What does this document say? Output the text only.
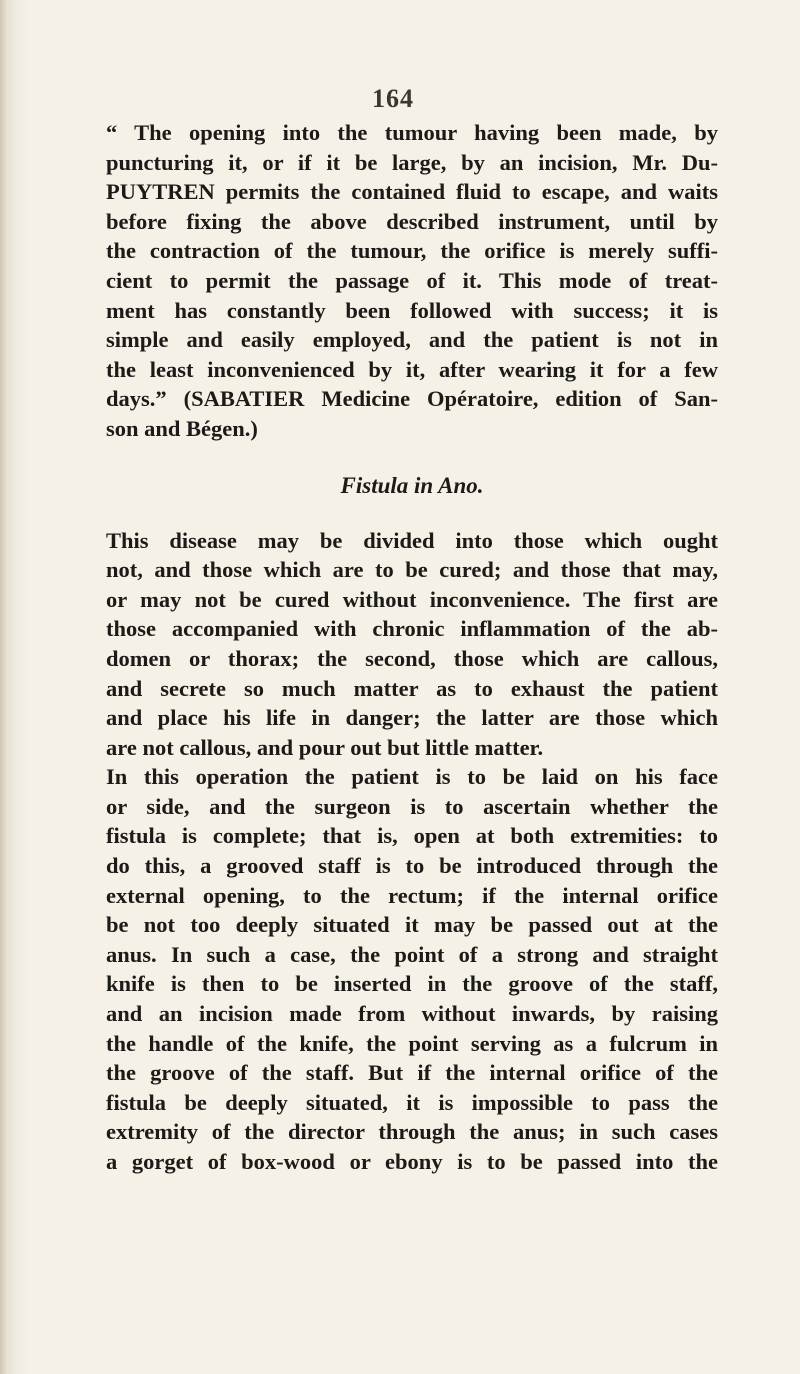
164
“ The opening into the tumour having been made, by
puncturing it, or if it be large, by an incision, Mr. Du-
PUYTREN permits the contained fluid to escape, and waits
before fixing the above described instrument, until by
the contraction of the tumour, the orifice is merely suffi-
cient to permit the passage of it. This mode of treat-
ment has constantly been followed with success; it is
simple and easily employed, and the patient is not in
the least inconvenienced by it, after wearing it for a few
days.” (SABATIER Medicine Opératoire, edition of San-
son and Bégen.)
Fistula in Ano.
This disease may be divided into those which ought
not, and those which are to be cured; and those that may,
or may not be cured without inconvenience. The first are
those accompanied with chronic inflammation of the ab-
domen or thorax; the second, those which are callous,
and secrete so much matter as to exhaust the patient
and place his life in danger; the latter are those which
are not callous, and pour out but little matter.
In this operation the patient is to be laid on his face
or side, and the surgeon is to ascertain whether the
fistula is complete; that is, open at both extremities: to
do this, a grooved staff is to be introduced through the
external opening, to the rectum; if the internal orifice
be not too deeply situated it may be passed out at the
anus. In such a case, the point of a strong and straight
knife is then to be inserted in the groove of the staff,
and an incision made from without inwards, by raising
the handle of the knife, the point serving as a fulcrum in
the groove of the staff. But if the internal orifice of the
fistula be deeply situated, it is impossible to pass the
extremity of the director through the anus; in such cases
a gorget of box-wood or ebony is to be passed into the
